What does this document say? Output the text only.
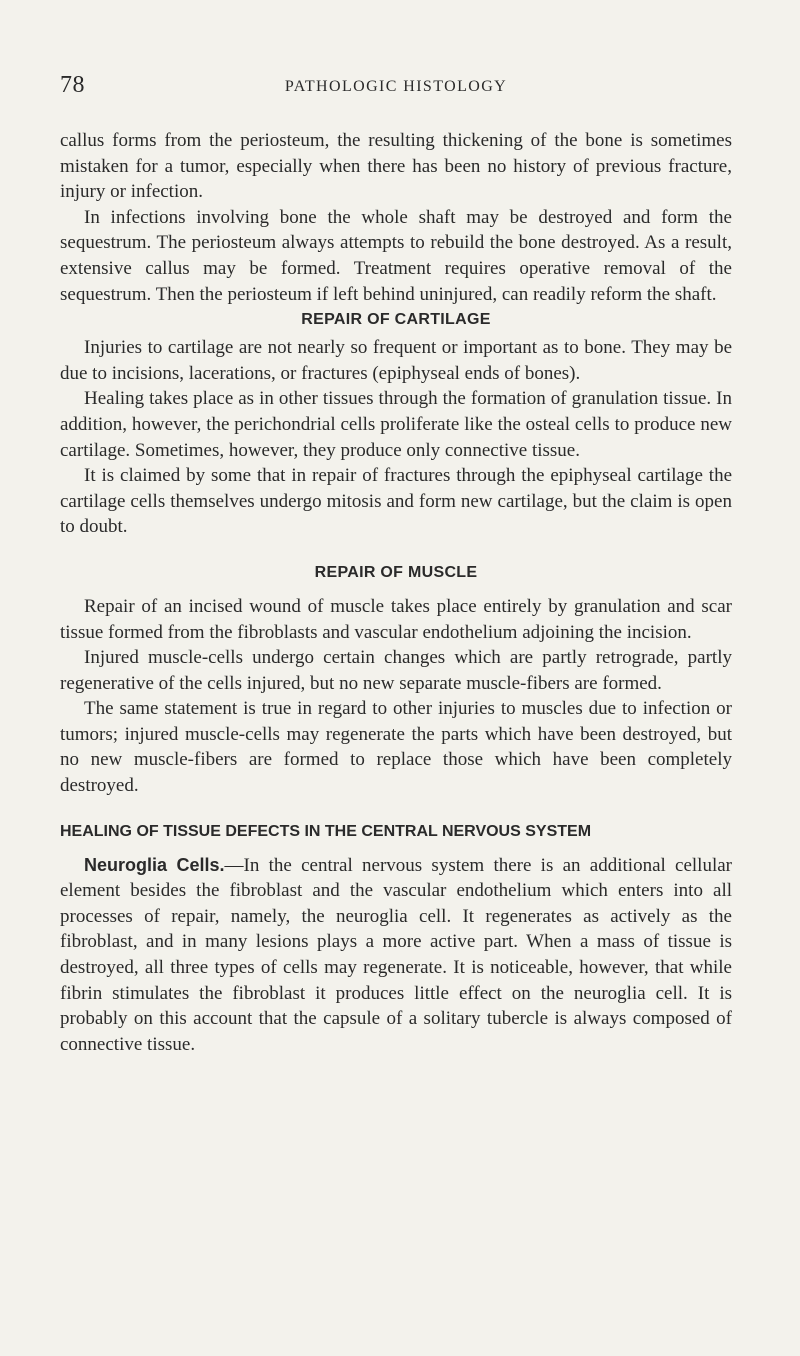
78	PATHOLOGIC HISTOLOGY

callus forms from the periosteum, the resulting thickening of the bone is sometimes mistaken for a tumor, especially when there has been no history of previous fracture, injury or infection.

In infections involving bone the whole shaft may be destroyed and form the sequestrum. The periosteum always attempts to rebuild the bone destroyed. As a result, extensive callus may be formed. Treatment requires operative removal of the sequestrum. Then the periosteum if left behind uninjured, can readily reform the shaft.

REPAIR OF CARTILAGE

Injuries to cartilage are not nearly so frequent or important as to bone. They may be due to incisions, lacerations, or fractures (epiphyseal ends of bones).

Healing takes place as in other tissues through the formation of granulation tissue. In addition, however, the perichondrial cells proliferate like the osteal cells to produce new cartilage. Sometimes, however, they produce only connective tissue.

It is claimed by some that in repair of fractures through the epiphyseal cartilage the cartilage cells themselves undergo mitosis and form new cartilage, but the claim is open to doubt.

REPAIR OF MUSCLE

Repair of an incised wound of muscle takes place entirely by granulation and scar tissue formed from the fibroblasts and vascular endothelium adjoining the incision.

Injured muscle-cells undergo certain changes which are partly retrograde, partly regenerative of the cells injured, but no new separate muscle-fibers are formed.

The same statement is true in regard to other injuries to muscles due to infection or tumors; injured muscle-cells may regenerate the parts which have been destroyed, but no new muscle-fibers are formed to replace those which have been completely destroyed.

HEALING OF TISSUE DEFECTS IN THE CENTRAL NERVOUS SYSTEM

Neuroglia Cells.—In the central nervous system there is an additional cellular element besides the fibroblast and the vascular endothelium which enters into all processes of repair, namely, the neuroglia cell. It regenerates as actively as the fibroblast, and in many lesions plays a more active part. When a mass of tissue is destroyed, all three types of cells may regenerate. It is noticeable, however, that while fibrin stimulates the fibroblast it produces little effect on the neuroglia cell. It is probably on this account that the capsule of a solitary tubercle is always composed of connective tissue.
